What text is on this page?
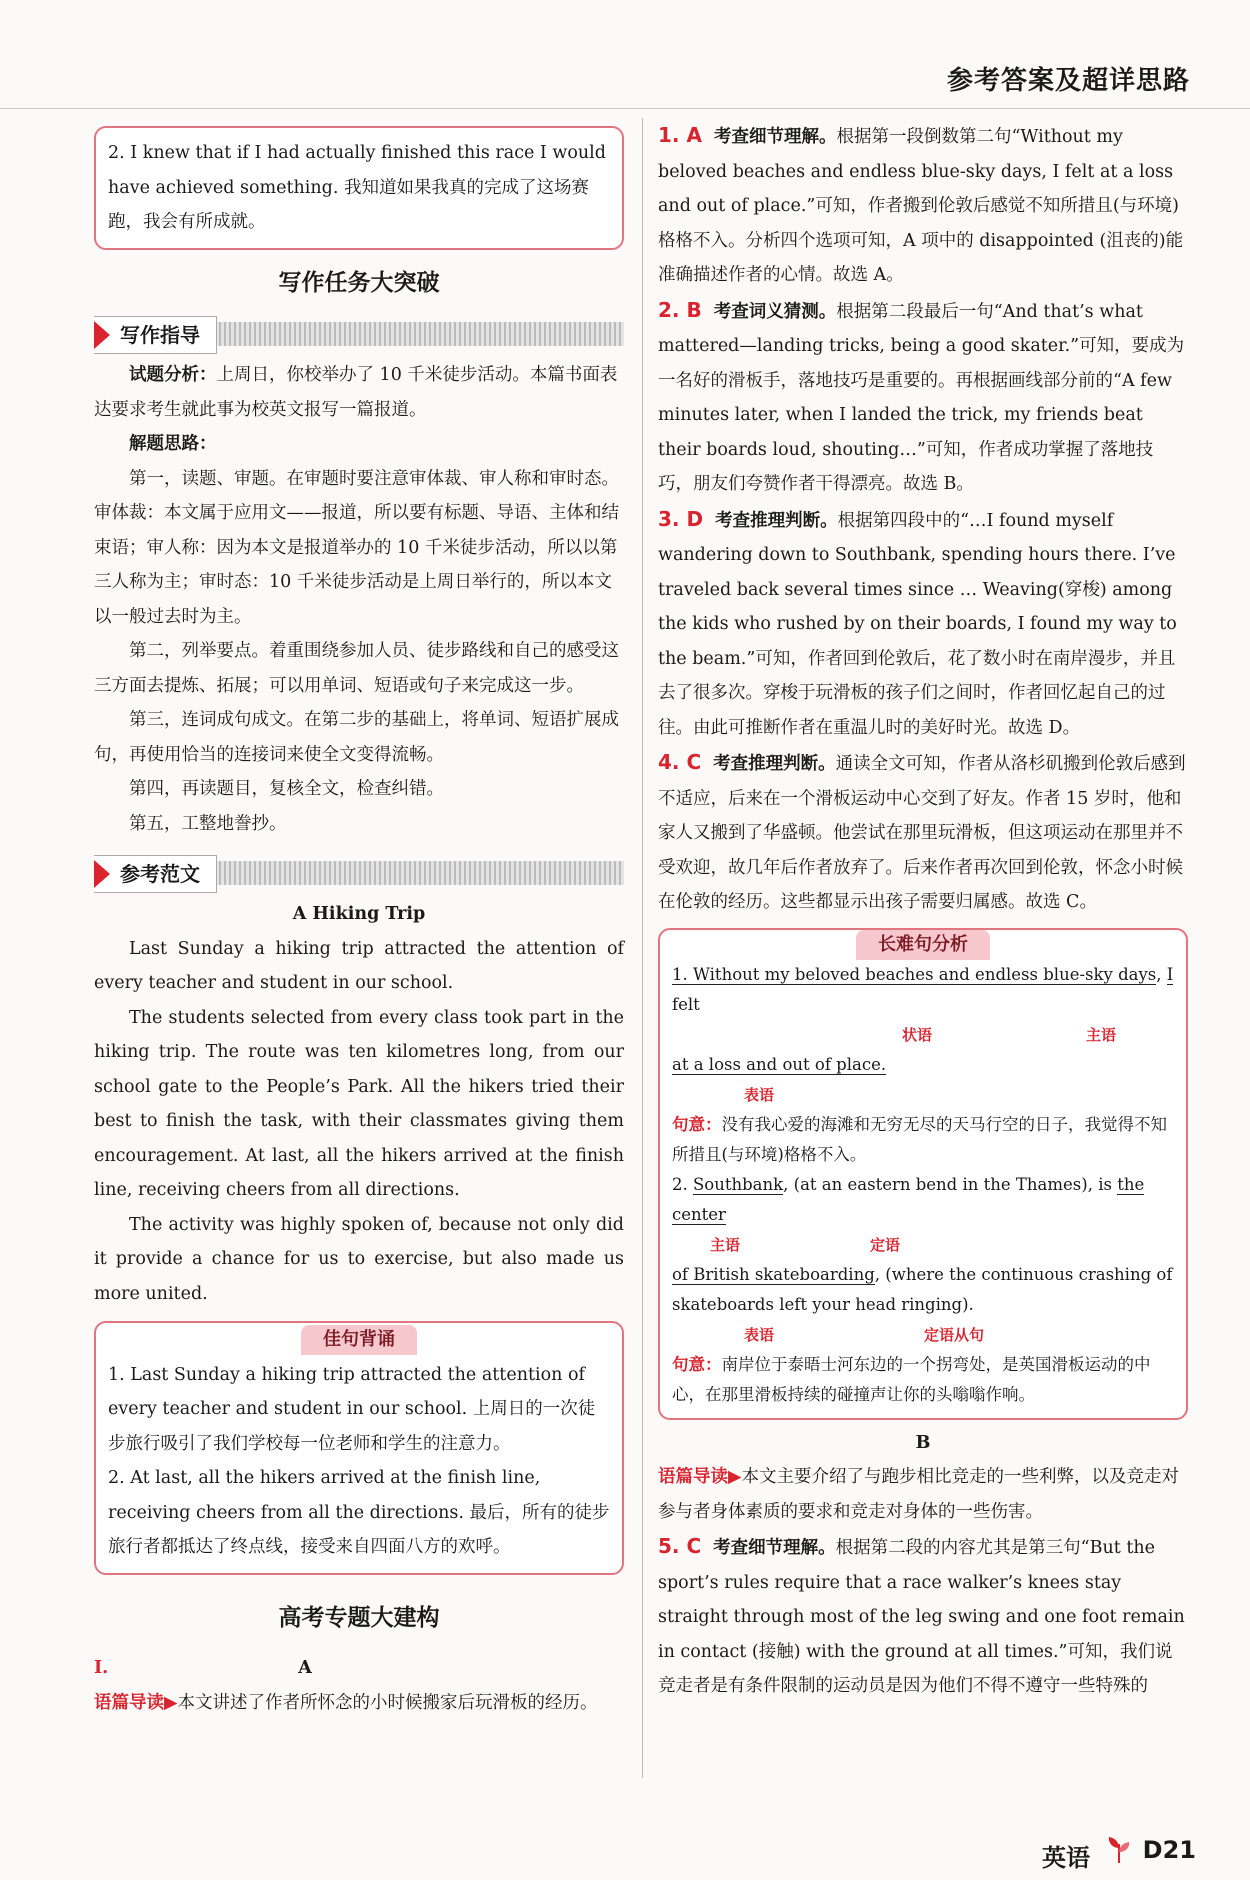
参考答案及超详思路

2. I knew that if I had actually finished this race I would have achieved something. 我知道如果我真的完成了这场赛跑，我会有所成就。

写作任务大突破
写作指导

试题分析：上周日，你校举办了 10 千米徒步活动。本篇书面表达要求考生就此事为校英文报写一篇报道。

解题思路：

第一，读题、审题。在审题时要注意审体裁、审人称和审时态。审体裁：本文属于应用文——报道，所以要有标题、导语、主体和结束语；审人称：因为本文是报道举办的 10 千米徒步活动，所以以第三人称为主；审时态：10 千米徒步活动是上周日举行的，所以本文以一般过去时为主。

第二，列举要点。着重围绕参加人员、徒步路线和自己的感受这三方面去提炼、拓展；可以用单词、短语或句子来完成这一步。

第三，连词成句成文。在第二步的基础上，将单词、短语扩展成句，再使用恰当的连接词来使全文变得流畅。

第四，再读题目，复核全文，检查纠错。

第五，工整地誊抄。

参考范文

A Hiking Trip

Last Sunday a hiking trip attracted the attention of every teacher and student in our school.

The students selected from every class took part in the hiking trip. The route was ten kilometres long, from our school gate to the People’s Park. All the hikers tried their best to finish the task, with their classmates giving them encouragement. At last, all the hikers arrived at the finish line, receiving cheers from all directions.

The activity was highly spoken of, because not only did it provide a chance for us to exercise, but also made us more united.

佳句背诵

1. Last Sunday a hiking trip attracted the attention of every teacher and student in our school. 上周日的一次徒步旅行吸引了我们学校每一位老师和学生的注意力。

2. At last, all the hikers arrived at the finish line, receiving cheers from all the directions. 最后，所有的徒步旅行者都抵达了终点线，接受来自四面八方的欢呼。

高考专题大建构

Ⅰ.	A

语篇导读▶本文讲述了作者所怀念的小时候搬家后玩滑板的经历。

1. A 考查细节理解。根据第一段倒数第二句“Without my beloved beaches and endless blue-sky days, I felt at a loss and out of place.”可知，作者搬到伦敦后感觉不知所措且(与环境)格格不入。分析四个选项可知，A 项中的 disappointed (沮丧的)能准确描述作者的心情。故选 A。

2. B 考查词义猜测。根据第二段最后一句“And that’s what mattered—landing tricks, being a good skater.”可知，要成为一名好的滑板手，落地技巧是重要的。再根据画线部分前的“A few minutes later, when I landed the trick, my friends beat their boards loud, shouting…”可知，作者成功掌握了落地技巧，朋友们夸赞作者干得漂亮。故选 B。

3. D 考查推理判断。根据第四段中的“…I found myself wandering down to Southbank, spending hours there. I’ve traveled back several times since … Weaving(穿梭) among the kids who rushed by on their boards, I found my way to the beam.”可知，作者回到伦敦后，花了数小时在南岸漫步，并且去了很多次。穿梭于玩滑板的孩子们之间时，作者回忆起自己的过往。由此可推断作者在重温儿时的美好时光。故选 D。

4. C 考查推理判断。通读全文可知，作者从洛杉矶搬到伦敦后感到不适应，后来在一个滑板运动中心交到了好友。作者 15 岁时，他和家人又搬到了华盛顿。他尝试在那里玩滑板，但这项运动在那里并不受欢迎，故几年后作者放弃了。后来作者再次回到伦敦，怀念小时候在伦敦的经历。这些都显示出孩子需要归属感。故选 C。

长难句分析

1. Without my beloved beaches and endless blue-sky days, I felt

状语	主语

at a loss and out of place.

表语

句意：没有我心爱的海滩和无穷无尽的天马行空的日子，我觉得不知所措且(与环境)格格不入。

2. Southbank, (at an eastern bend in the Thames), is the center

主语	定语

of British skateboarding, (where the continuous crashing of skateboards left your head ringing).

表语	定语从句

句意：南岸位于泰晤士河东边的一个拐弯处，是英国滑板运动的中心，在那里滑板持续的碰撞声让你的头嗡嗡作响。

B

语篇导读▶本文主要介绍了与跑步相比竞走的一些利弊，以及竞走对参与者身体素质的要求和竞走对身体的一些伤害。

5. C 考查细节理解。根据第二段的内容尤其是第三句“But the sport’s rules require that a race walker’s knees stay straight through most of the leg swing and one foot remain in contact (接触) with the ground at all times.”可知，我们说竞走者是有条件限制的运动员是因为他们不得不遵守一些特殊的

英语 D21
